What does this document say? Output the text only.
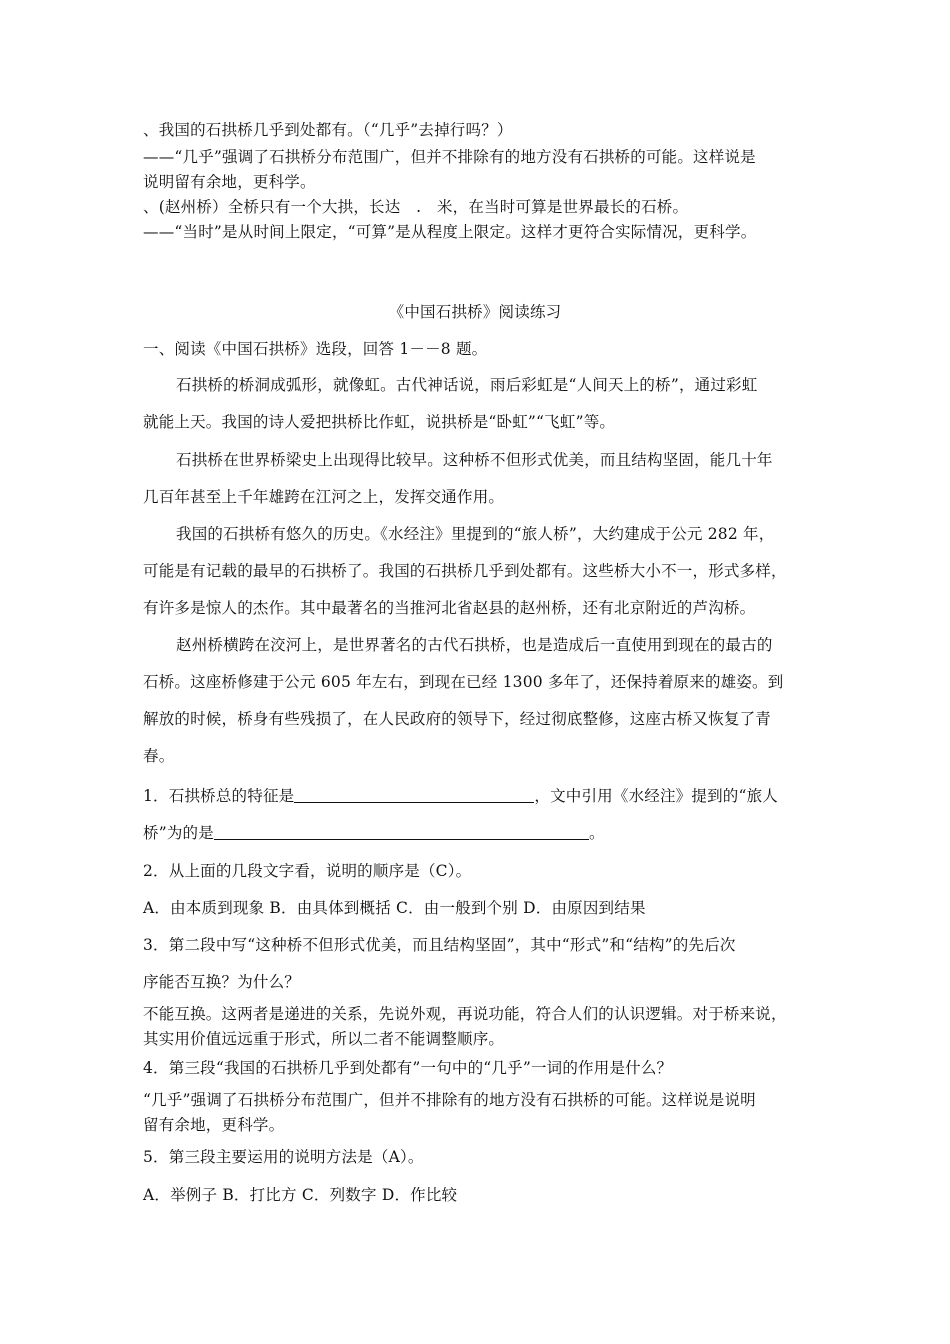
、我国的石拱桥几乎到处都有。（“几乎”去掉行吗？）
——“几乎”强调了石拱桥分布范围广，但并不排除有的地方没有石拱桥的可能。这样说是
说明留有余地，更科学。
、(赵州桥）全桥只有一个大拱，长达　.　米，在当时可算是世界最长的石桥。
——“当时”是从时间上限定，“可算”是从程度上限定。这样才更符合实际情况，更科学。
《中国石拱桥》阅读练习
一、阅读《中国石拱桥》选段，回答 1－－8 题。
石拱桥的桥洞成弧形，就像虹。古代神话说，雨后彩虹是“人间天上的桥”，通过彩虹
就能上天。我国的诗人爱把拱桥比作虹，说拱桥是“卧虹”“飞虹”等。
石拱桥在世界桥梁史上出现得比较早。这种桥不但形式优美，而且结构坚固，能几十年
几百年甚至上千年雄跨在江河之上，发挥交通作用。
我国的石拱桥有悠久的历史。《水经注》里提到的“旅人桥”，大约建成于公元 282 年，
可能是有记载的最早的石拱桥了。我国的石拱桥几乎到处都有。这些桥大小不一，形式多样，
有许多是惊人的杰作。其中最著名的当推河北省赵县的赵州桥，还有北京附近的芦沟桥。
赵州桥横跨在洨河上，是世界著名的古代石拱桥，也是造成后一直使用到现在的最古的
石桥。这座桥修建于公元 605 年左右，到现在已经 1300 多年了，还保持着原来的雄姿。到
解放的时候，桥身有些残损了，在人民政府的领导下，经过彻底整修，这座古桥又恢复了青
春。
1．石拱桥总的特征是	，文中引用《水经注》提到的“旅人
桥”为的是	。
2．从上面的几段文字看，说明的顺序是（C）。
A．由本质到现象 B．由具体到概括 C．由一般到个别 D．由原因到结果
3．第二段中写“这种桥不但形式优美，而且结构坚固”，其中“形式”和“结构”的先后次
序能否互换？为什么？
不能互换。这两者是递进的关系，先说外观，再说功能，符合人们的认识逻辑。对于桥来说，
其实用价值远远重于形式，所以二者不能调整顺序。
4．第三段“我国的石拱桥几乎到处都有”一句中的“几乎”一词的作用是什么？
“几乎”强调了石拱桥分布范围广，但并不排除有的地方没有石拱桥的可能。这样说是说明
留有余地，更科学。
5．第三段主要运用的说明方法是（A）。
A．举例子 B．打比方 C．列数字 D．作比较
